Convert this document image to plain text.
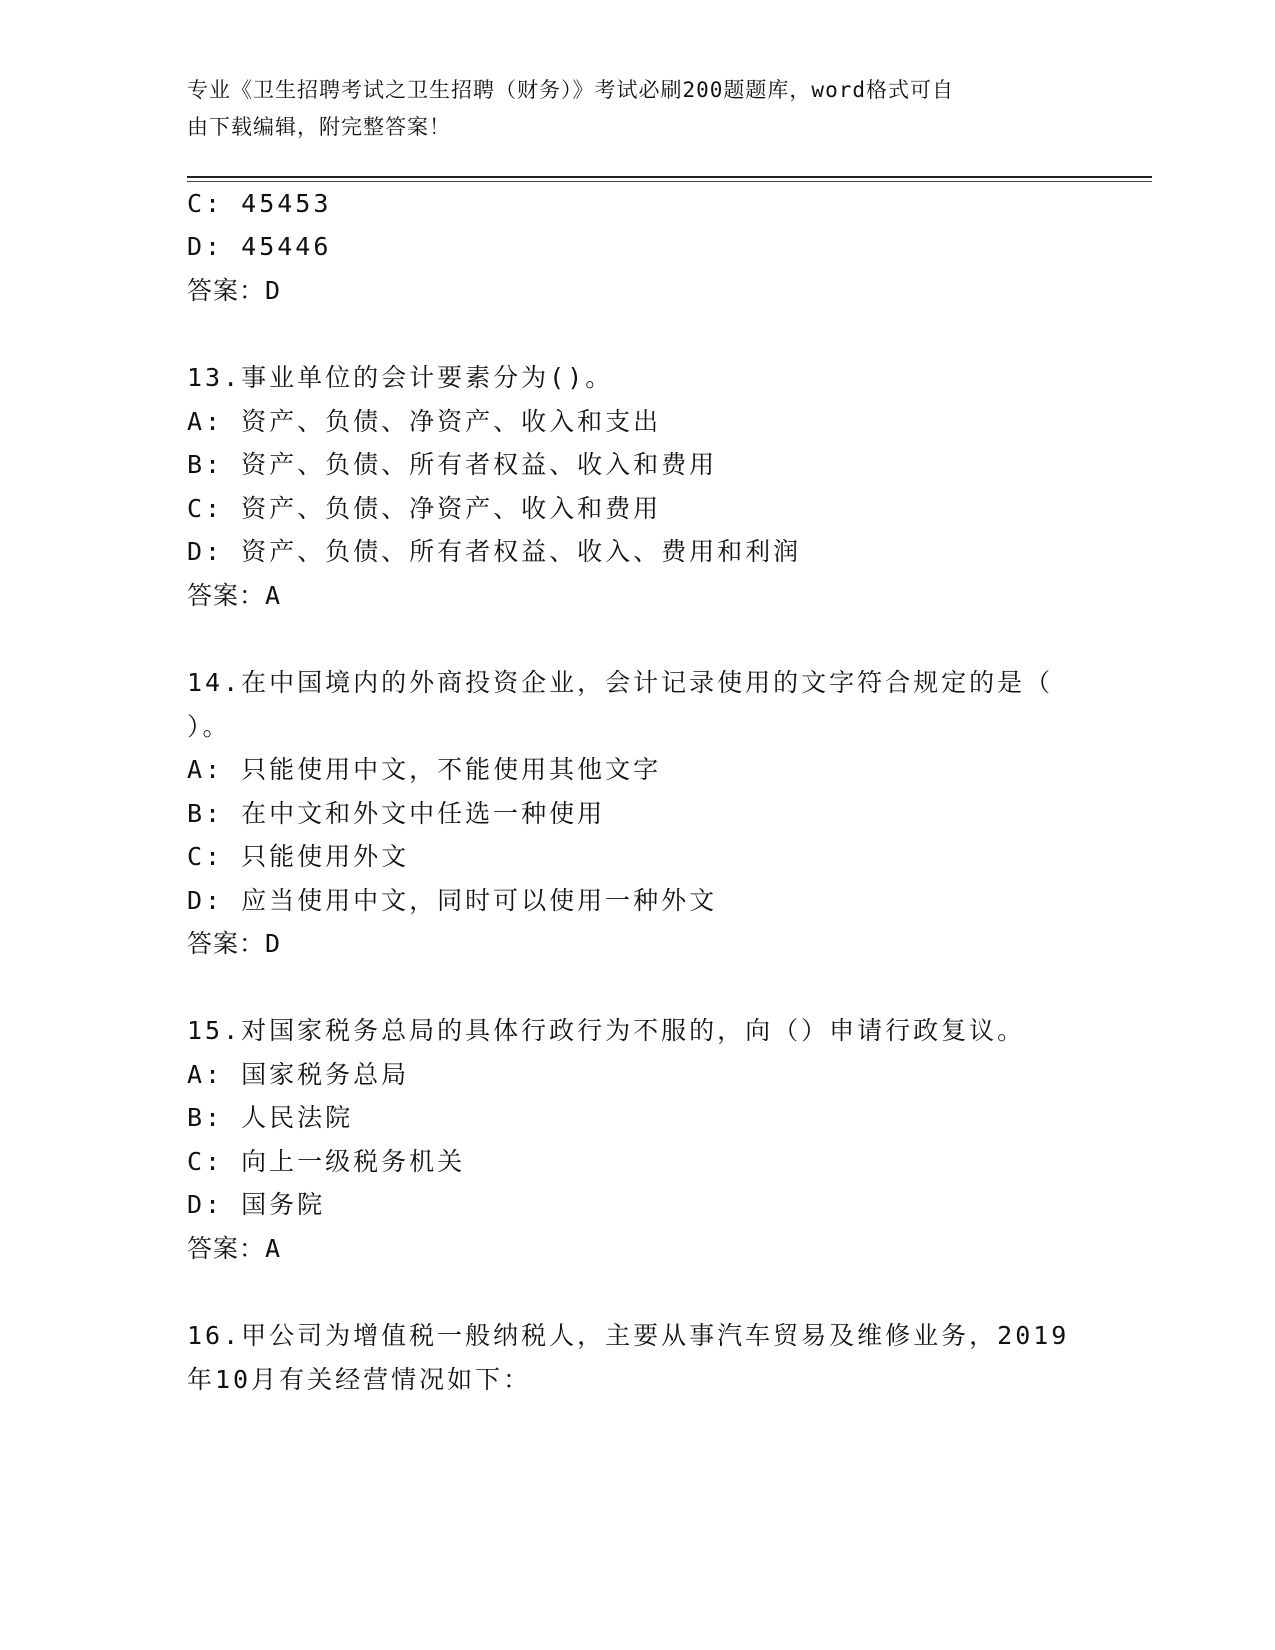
专业《卫生招聘考试之卫生招聘（财务）》考试必刷200题题库，word格式可自
由下载编辑，附完整答案！
C: 45453
D: 45446
答案：D
13.事业单位的会计要素分为()。
A: 资产、负债、净资产、收入和支出
B: 资产、负债、所有者权益、收入和费用
C: 资产、负债、净资产、收入和费用
D: 资产、负债、所有者权益、收入、费用和利润
答案：A
14.在中国境内的外商投资企业，会计记录使用的文字符合规定的是（
）。
A: 只能使用中文，不能使用其他文字
B: 在中文和外文中任选一种使用
C: 只能使用外文
D: 应当使用中文，同时可以使用一种外文
答案：D
15.对国家税务总局的具体行政行为不服的，向（）申请行政复议。
A: 国家税务总局
B: 人民法院
C: 向上一级税务机关
D: 国务院
答案：A
16.甲公司为增值税一般纳税人，主要从事汽车贸易及维修业务，2019
年10月有关经营情况如下：
